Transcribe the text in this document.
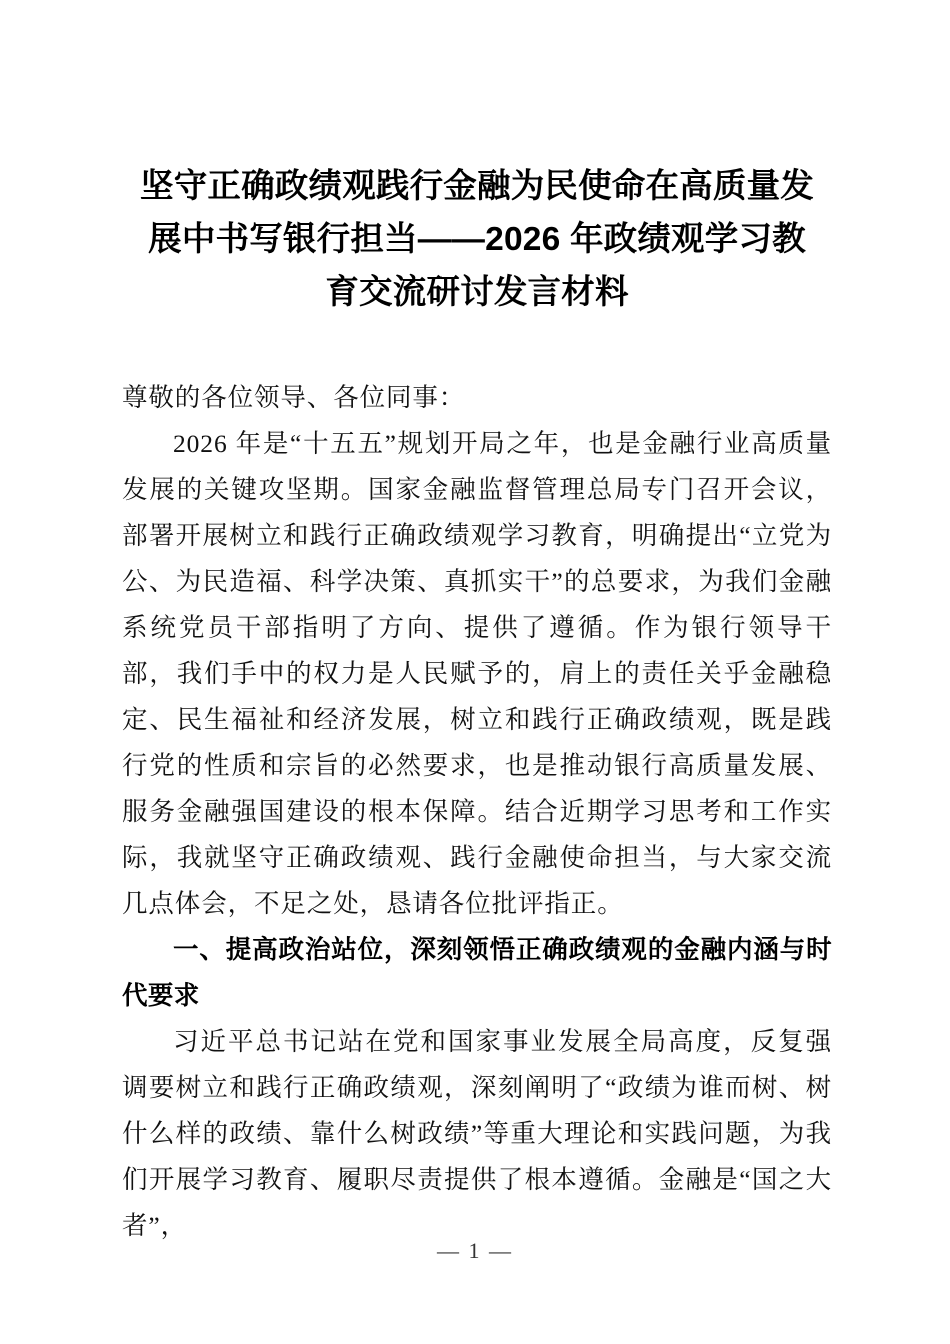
坚守正确政绩观践行金融为民使命在高质量发
展中书写银行担当——2026 年政绩观学习教
育交流研讨发言材料

尊敬的各位领导、各位同事：

2026 年是“十五五”规划开局之年，也是金融行业高质量发展的关键攻坚期。国家金融监督管理总局专门召开会议，部署开展树立和践行正确政绩观学习教育，明确提出“立党为公、为民造福、科学决策、真抓实干”的总要求，为我们金融系统党员干部指明了方向、提供了遵循。作为银行领导干部，我们手中的权力是人民赋予的，肩上的责任关乎金融稳定、民生福祉和经济发展，树立和践行正确政绩观，既是践行党的性质和宗旨的必然要求，也是推动银行高质量发展、服务金融强国建设的根本保障。结合近期学习思考和工作实际，我就坚守正确政绩观、践行金融使命担当，与大家交流几点体会，不足之处，恳请各位批评指正。

一、提高政治站位，深刻领悟正确政绩观的金融内涵与时代要求

习近平总书记站在党和国家事业发展全局高度，反复强调要树立和践行正确政绩观，深刻阐明了“政绩为谁而树、树什么样的政绩、靠什么树政绩”等重大理论和实践问题，为我们开展学习教育、履职尽责提供了根本遵循。金融是“国之大者”，

— 1 —
